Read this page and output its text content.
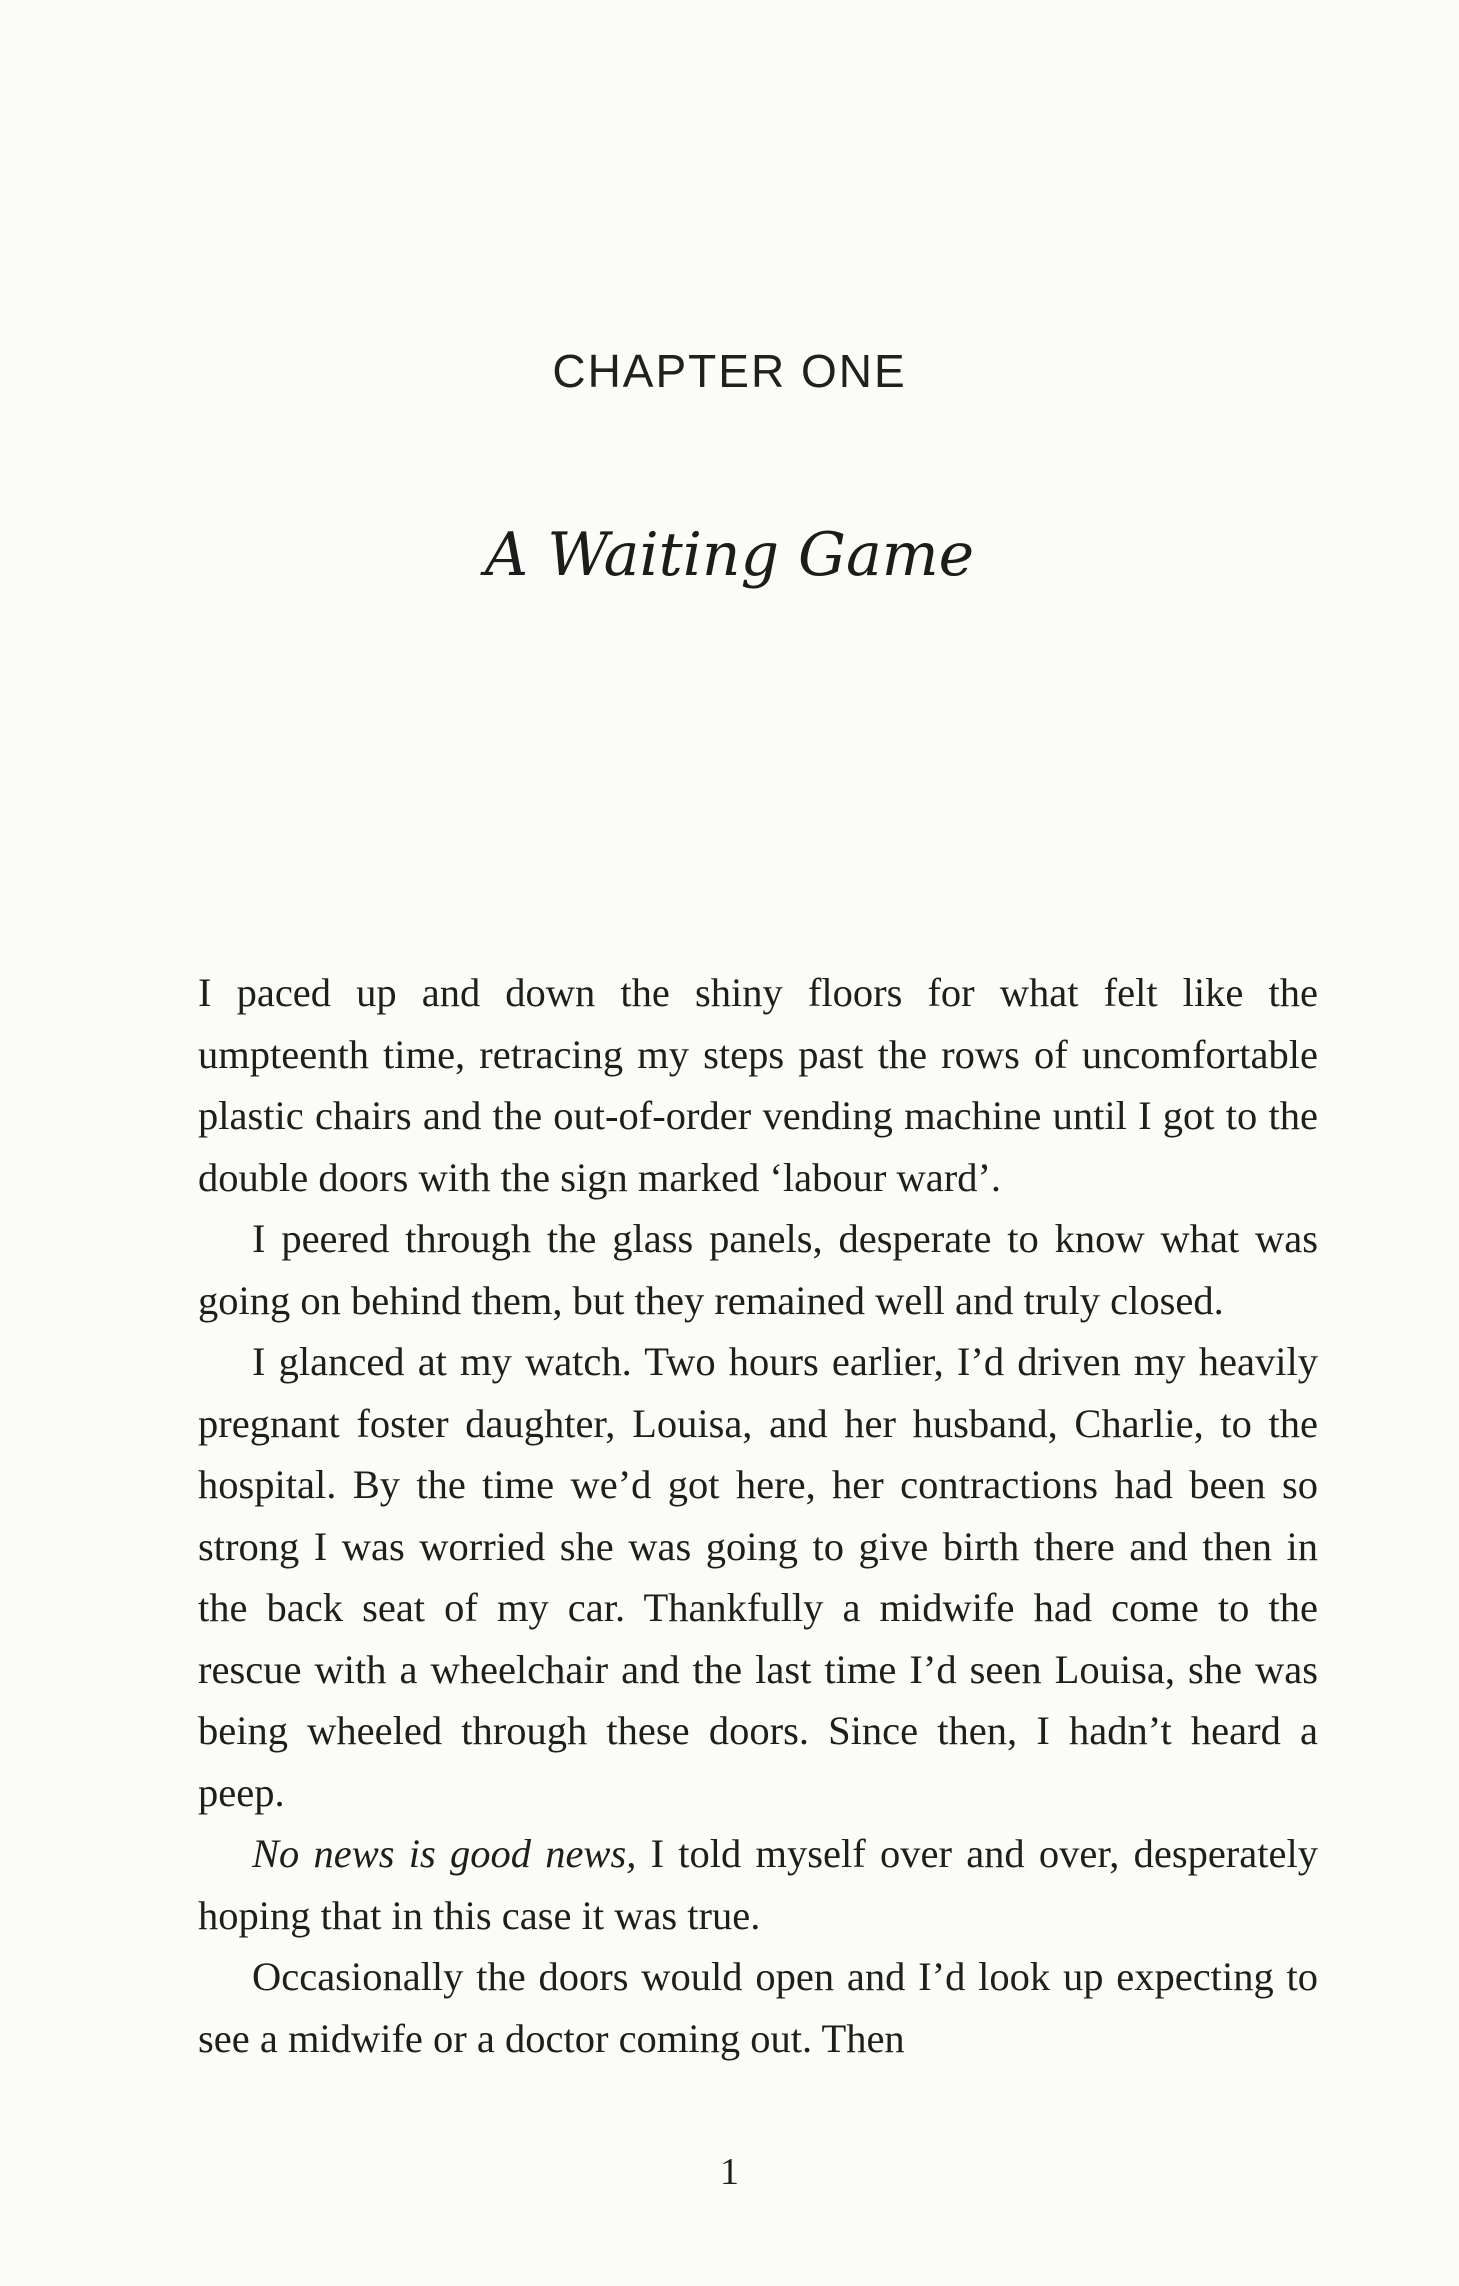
CHAPTER ONE
A Waiting Game

I paced up and down the shiny floors for what felt like the umpteenth time, retracing my steps past the rows of uncomfortable plastic chairs and the out-of-order vending machine until I got to the double doors with the sign marked ‘labour ward’.

I peered through the glass panels, desperate to know what was going on behind them, but they remained well and truly closed.

I glanced at my watch. Two hours earlier, I’d driven my heavily pregnant foster daughter, Louisa, and her husband, Charlie, to the hospital. By the time we’d got here, her contractions had been so strong I was worried she was going to give birth there and then in the back seat of my car. Thankfully a midwife had come to the rescue with a wheelchair and the last time I’d seen Louisa, she was being wheeled through these doors. Since then, I hadn’t heard a peep.

No news is good news, I told myself over and over, desperately hoping that in this case it was true.

Occasionally the doors would open and I’d look up expecting to see a midwife or a doctor coming out. Then

1
